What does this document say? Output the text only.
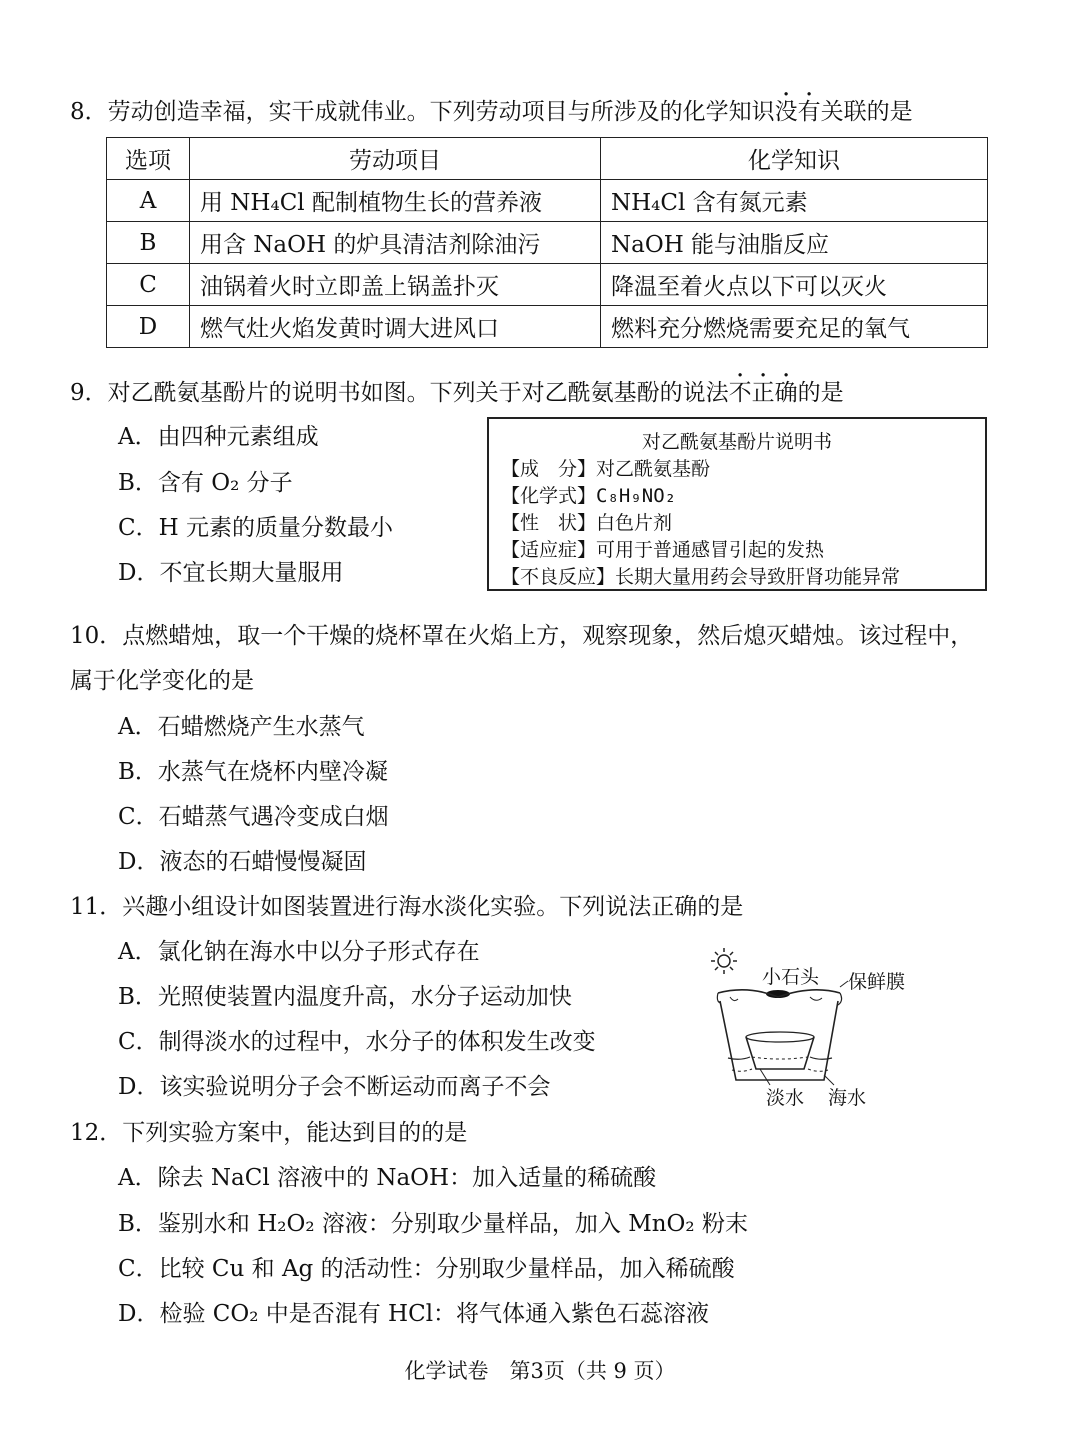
8．劳动创造幸福，实干成就伟业。下列劳动项目与所涉及的化学知识没有关联的是
选项	劳动项目	化学知识
A	用 NH₄Cl 配制植物生长的营养液	NH₄Cl 含有氮元素
B	用含 NaOH 的炉具清洁剂除油污	NaOH 能与油脂反应
C	油锅着火时立即盖上锅盖扑灭	降温至着火点以下可以灭火
D	燃气灶火焰发黄时调大进风口	燃料充分燃烧需要充足的氧气
9．对乙酰氨基酚片的说明书如图。下列关于对乙酰氨基酚的说法不正确的是
A．由四种元素组成
B．含有 O₂ 分子
C．H 元素的质量分数最小
D．不宜长期大量服用
对乙酰氨基酚片说明书
【成　分】对乙酰氨基酚
【化学式】C₈H₉NO₂
【性　状】白色片剂
【适应症】可用于普通感冒引起的发热
【不良反应】长期大量用药会导致肝肾功能异常
10．点燃蜡烛，取一个干燥的烧杯罩在火焰上方，观察现象，然后熄灭蜡烛。该过程中，
属于化学变化的是
A．石蜡燃烧产生水蒸气
B．水蒸气在烧杯内壁冷凝
C．石蜡蒸气遇冷变成白烟
D．液态的石蜡慢慢凝固
11．兴趣小组设计如图装置进行海水淡化实验。下列说法正确的是
A．氯化钠在海水中以分子形式存在
B．光照使装置内温度升高，水分子运动加快
C．制得淡水的过程中，水分子的体积发生改变
D．该实验说明分子会不断运动而离子不会
小石头 保鲜膜
淡水 海水
12．下列实验方案中，能达到目的的是
A．除去 NaCl 溶液中的 NaOH：加入适量的稀硫酸
B．鉴别水和 H₂O₂ 溶液：分别取少量样品，加入 MnO₂ 粉末
C．比较 Cu 和 Ag 的活动性：分别取少量样品，加入稀硫酸
D．检验 CO₂ 中是否混有 HCl：将气体通入紫色石蕊溶液
化学试卷　第3页（共 9 页）
